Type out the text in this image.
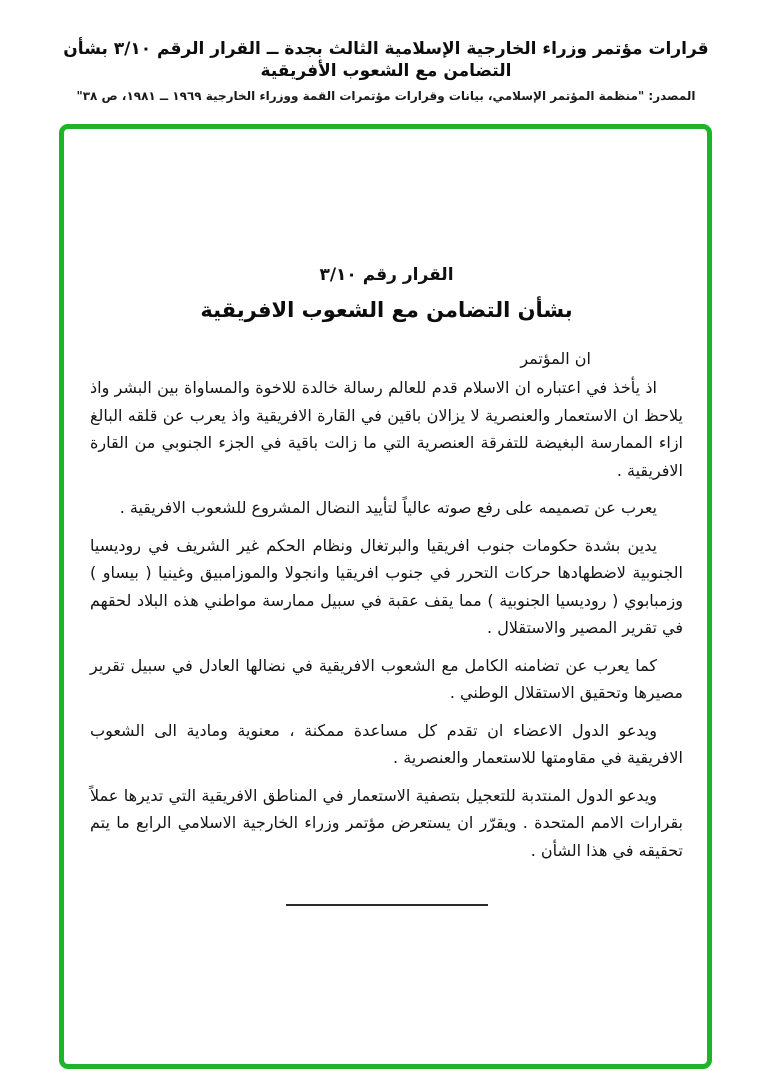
قرارات مؤتمر وزراء الخارجية الإسلامية الثالث بجدة ــ القرار الرقم ٣/١٠ بشأن التضامن مع الشعوب الأفريقية
المصدر: "منظمة المؤتمر الإسلامي، بيانات وقرارات مؤتمرات القمة ووزراء الخارجية ١٩٦٩ ــ ١٩٨١، ص ٣٨"
القرار رقم ٣/١٠
بشأن التضامن مع الشعوب الافريقية
ان المؤتمر

اذ يأخذ في اعتباره ان الاسلام قدم للعالم رسالة خالدة للاخوة والمساواة بين البشر واذ يلاحظ ان الاستعمار والعنصرية لا يزالان باقين في القارة الافريقية واذ يعرب عن قلقه البالغ ازاء الممارسة البغيضة للتفرقة العنصرية التي ما زالت باقية في الجزء الجنوبي من القارة الافريقية .

يعرب عن تصميمه على رفع صوته عالياً لتأييد النضال المشروع للشعوب الافريقية .

يدين بشدة حكومات جنوب افريقيا والبرتغال ونظام الحكم غير الشريف في روديسيا الجنوبية لاضطهادها حركات التحرر في جنوب افريقيا وانجولا والموزامبيق وغينيا ( بيساو ) وزمبابوي ( روديسيا الجنوبية ) مما يقف عقبة في سبيل ممارسة مواطني هذه البلاد لحقهم في تقرير المصير والاستقلال .

كما يعرب عن تضامنه الكامل مع الشعوب الافريقية في نضالها العادل في سبيل تقرير مصيرها وتحقيق الاستقلال الوطني .

ويدعو الدول الاعضاء ان تقدم كل مساعدة ممكنة ، معنوية ومادية الى الشعوب الافريقية في مقاومتها للاستعمار والعنصرية .

ويدعو الدول المنتدبة للتعجيل بتصفية الاستعمار في المناطق الافريقية التي تديرها عملاً بقرارات الامم المتحدة . ويقرّر ان يستعرض مؤتمر وزراء الخارجية الاسلامي الرابع ما يتم تحقيقه في هذا الشأن .
